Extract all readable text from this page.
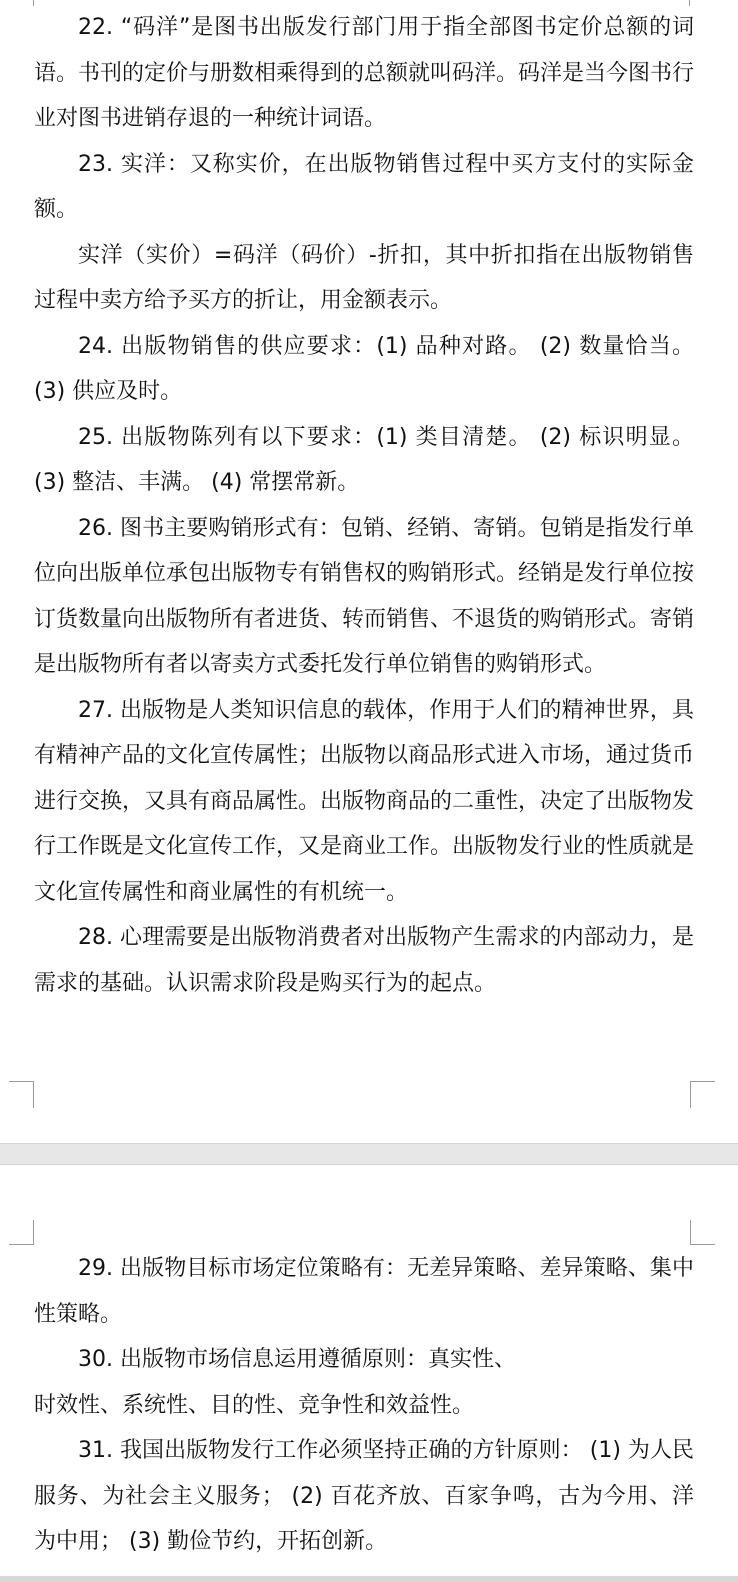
22. “码洋”是图书出版发行部门用于指全部图书定价总额的词语。书刊的定价与册数相乘得到的总额就叫码洋。码洋是当今图书行业对图书进销存退的一种统计词语。

23. 实洋：又称实价，在出版物销售过程中买方支付的实际金额。

实洋（实价）=码洋（码价）-折扣，其中折扣指在出版物销售过程中卖方给予买方的折让，用金额表示。

24. 出版物销售的供应要求：(1) 品种对路。 (2) 数量恰当。 (3) 供应及时。

25. 出版物陈列有以下要求：(1) 类目清楚。 (2) 标识明显。 (3) 整洁、丰满。 (4) 常摆常新。

26. 图书主要购销形式有：包销、经销、寄销。包销是指发行单位向出版单位承包出版物专有销售权的购销形式。经销是发行单位按订货数量向出版物所有者进货、转而销售、不退货的购销形式。寄销是出版物所有者以寄卖方式委托发行单位销售的购销形式。

27. 出版物是人类知识信息的载体，作用于人们的精神世界，具有精神产品的文化宣传属性；出版物以商品形式进入市场，通过货币进行交换，又具有商品属性。出版物商品的二重性，决定了出版物发行工作既是文化宣传工作，又是商业工作。出版物发行业的性质就是文化宣传属性和商业属性的有机统一。

28. 心理需要是出版物消费者对出版物产生需求的内部动力，是需求的基础。认识需求阶段是购买行为的起点。

29. 出版物目标市场定位策略有：无差异策略、差异策略、集中性策略。

30. 出版物市场信息运用遵循原则：真实性、

时效性、系统性、目的性、竞争性和效益性。

31. 我国出版物发行工作必须坚持正确的方针原则： (1) 为人民服务、为社会主义服务； (2) 百花齐放、百家争鸣，古为今用、洋为中用； (3) 勤俭节约，开拓创新。
